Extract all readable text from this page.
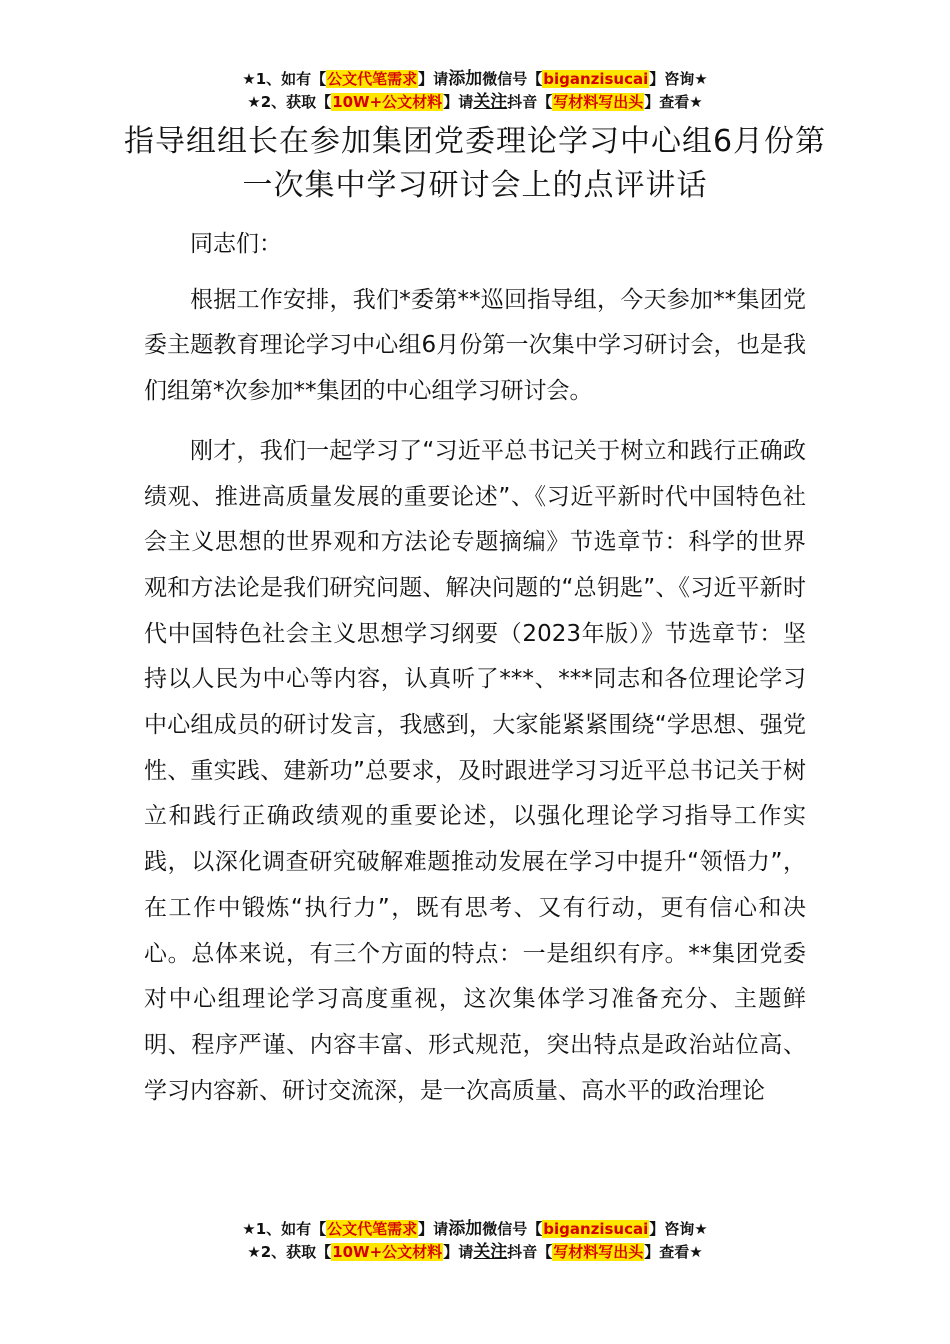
★1、如有【公文代笔需求】请添加微信号【biganzisucai】咨询★
★2、获取【10W+公文材料】请关注抖音【写材料写出头】查看★
指导组组长在参加集团党委理论学习中心组6月份第一次集中学习研讨会上的点评讲话

同志们：

根据工作安排，我们*委第**巡回指导组，今天参加**集团党委主题教育理论学习中心组6月份第一次集中学习研讨会，也是我们组第*次参加**集团的中心组学习研讨会。

刚才，我们一起学习了“习近平总书记关于树立和践行正确政绩观、推进高质量发展的重要论述”、《习近平新时代中国特色社会主义思想的世界观和方法论专题摘编》节选章节：科学的世界观和方法论是我们研究问题、解决问题的“总钥匙”、《习近平新时代中国特色社会主义思想学习纲要（2023年版）》节选章节：坚持以人民为中心等内容，认真听了***、***同志和各位理论学习中心组成员的研讨发言，我感到，大家能紧紧围绕“学思想、强党性、重实践、建新功”总要求，及时跟进学习习近平总书记关于树立和践行正确政绩观的重要论述，以强化理论学习指导工作实践，以深化调查研究破解难题推动发展在学习中提升“领悟力”，在工作中锻炼“执行力”，既有思考、又有行动，更有信心和决心。总体来说，有三个方面的特点：一是组织有序。**集团党委对中心组理论学习高度重视，这次集体学习准备充分、主题鲜明、程序严谨、内容丰富、形式规范，突出特点是政治站位高、学习内容新、研讨交流深，是一次高质量、高水平的政治理论

★1、如有【公文代笔需求】请添加微信号【biganzisucai】咨询★
★2、获取【10W+公文材料】请关注抖音【写材料写出头】查看★
